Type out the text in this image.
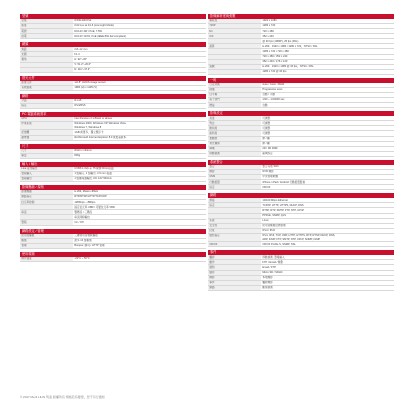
型號
型號	IPD3120DXS4
照度	0.02 Lux at F1.6 (Low Light Mode)
電源	DC12V 4W / PoE, 7.5W
供電	DC12V ±10%, PoE (IEEE 802.3af compliant)
鏡頭
焦距	2.8~12 mm
光圈	F1.4
視角	H: 92°~30°
	V: 51.2°~20.6°
	D: 111°~37.3°
感光元件
影像元件	1/2.8" CMOS image sensor
有效畫素	1984 (H) x 1105 (V)
網路
介面	RJ-45
協定	IPv4/IPv6
PC 電腦系統需求
CPU	Intel Pentium 4 1.8GHz or above
作業系統	Windows 2000, Windows XP, Windows Vista,
Windows 7, Windows 8
記憶體	1GB 或更多，獨立顯示卡
瀏覽器	IE Microsoft Internet Explorer 8.0 或更高版本
尺寸
尺寸	Ø110 x 134mm
重量	800g
輸入 / 輸出
Line 音訊輸出	CVBS 1.0Vp-p, 75 歐姆 RCA 接頭
警報輸入	1 組輸入, 1 組輸出, 3.5 mm 接頭
警報輸出	1 組繼電器輸出, DC 12V 500mA
影像壓縮 / 規格
影像壓縮	H.264, Motion JPEG
網路協定	RTP/RTSP/HTTP/TCP/UDP
位元率控制	128Kbps ~ 8Mbps
	固定位元率 CBR / 可變位元率 VBR
串流	雙碼流 / 三碼流
	串流同時輸出
警報	On / Off
網路設定 / 管理
使用者權限	三種使用者層級權限
帳號	最多 10 組帳號
管理	Bonjour, 網頁 / HTTP 管理
使用環境
操作溫度	-20°C ~ 50°C
影像解析度與張數
解析度	1920 x 1080
720P	1280 x 720
D1	720 x 480
CIF	352 x 240
	@ 30 fps (1080P), 25 fps (PAL)
畫質	H.264：1920 x 1080 / 1280 x 720，NTSC / PAL
	1280 x 720 / 720 x 480
	720 x 480 / 352 x 240
	352 x 240 / 176 x 120
張數	H.264：1920 x 1080 @ 30 fps，NTSC / PAL
	1280 x 720 @ 30 fps
一般
日夜切換	Auto / Color / B&W
掃描	Progressive scan
白平衡	自動 / 手動
電子快門	1/30 ~ 1/10000 sec
增益	自動
影像設定
亮度	可調整
對比	可調整
飽和度	可調整
銳利度	可調整
寬動態	開 / 關
背光補償	開 / 關
降噪	2D / 3D DNR
移動偵測	區域設定
系統整合
整合	整合其他 SDK
錄影	NVR 錄影
CMS	中央管理軟體
行動裝置	iPhone / iPad / Android 行動裝置監看
協定	ONVIF
網路
連接	10/100 Mbps Ethernet
協定	TCP/IP, HTTP, HTTPS, DHCP, DNS
	RTSP, RTP, SMTP, FTP, NTP, UPnP
	PPPoE, SNMP, QoS
系統	Linux
安全性	使用者帳號密碼管理
位址	IPv4 / IPv6
通訊協定	IPv4, IPv6, TCP, UDP, HTTP, HTTPS, RTP, RTSP, DHCP, DNS,
ARP, ICMP, FTP, SMTP, NTP, UPnP, SNMP, IGMP
ONVIF	ONVIF Profile S, SNMP, SSL
事件
觸發	移動偵測, 警報輸入
動作	FTP / Email / 錄影
通知	Email / FTP
儲存	Micro SD / SDHC
錄影	本地錄影
事件	觸發錄影
網路	斷線偵測
© 2017 Merit LILIN 利凌 版權所有 規格若有變更，恕不另行通知
